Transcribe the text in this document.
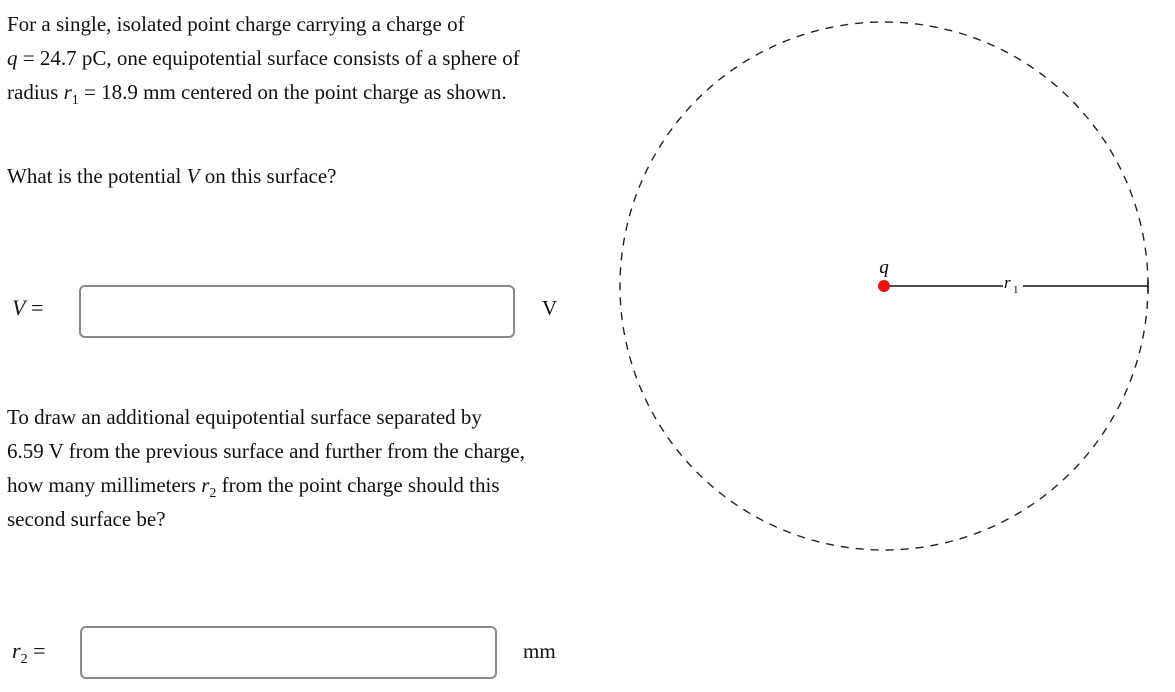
For a single, isolated point charge carrying a charge of
q = 24.7 pC, one equipotential surface consists of a sphere of
radius $r_1 = 18.9$ mm centered on the point charge as shown.

What is the potential V on this surface?

V =	V

To draw an additional equipotential surface separated by
6.59 V from the previous surface and further from the charge,
how many millimeters $r_2$ from the point charge should this
second surface be?

$r_2$ =	mm
q
r 1
